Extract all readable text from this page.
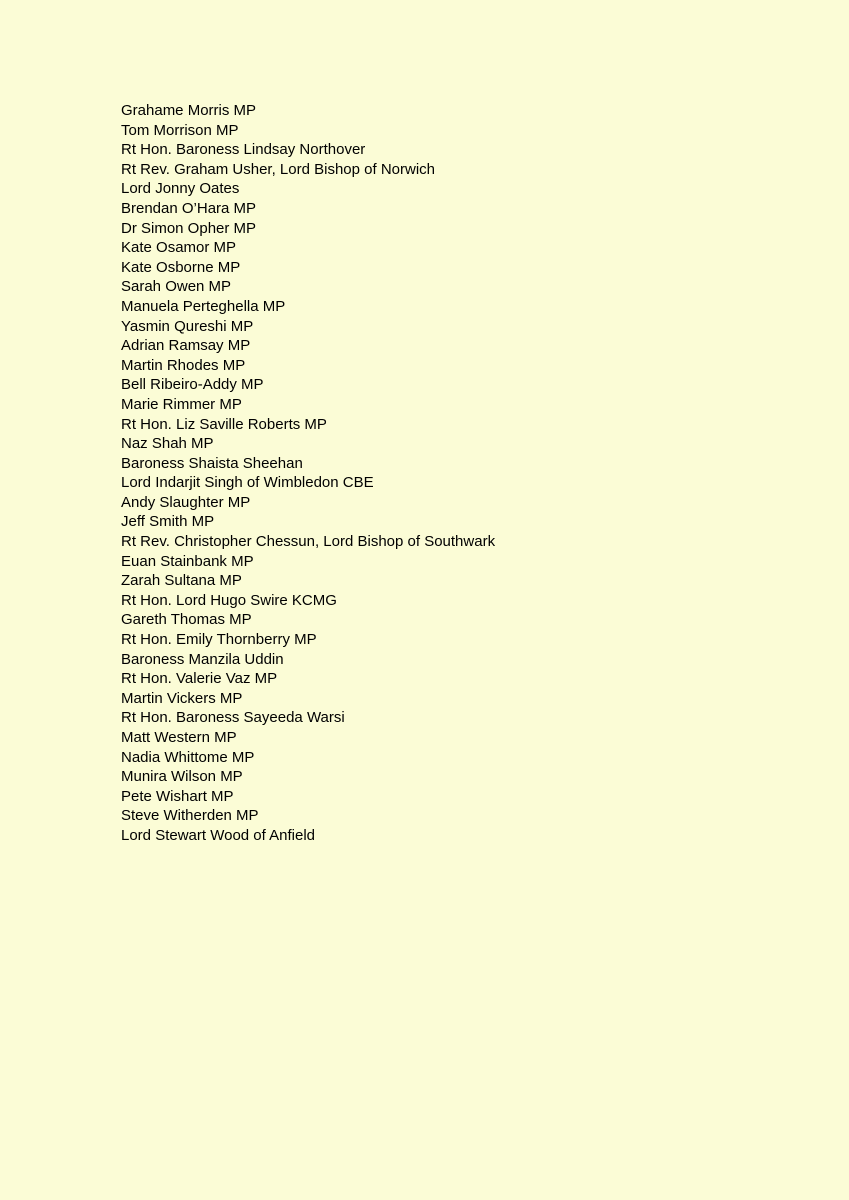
Grahame Morris MP
Tom Morrison MP
Rt Hon. Baroness Lindsay Northover
Rt Rev. Graham Usher, Lord Bishop of Norwich
Lord Jonny Oates
Brendan O’Hara MP
Dr Simon Opher MP
Kate Osamor MP
Kate Osborne MP
Sarah Owen MP
Manuela Perteghella MP
Yasmin Qureshi MP
Adrian Ramsay MP
Martin Rhodes MP
Bell Ribeiro-Addy MP
Marie Rimmer MP
Rt Hon. Liz Saville Roberts MP
Naz Shah MP
Baroness Shaista Sheehan
Lord Indarjit Singh of Wimbledon CBE
Andy Slaughter MP
Jeff Smith MP
Rt Rev. Christopher Chessun, Lord Bishop of Southwark
Euan Stainbank MP
Zarah Sultana MP
Rt Hon. Lord Hugo Swire KCMG
Gareth Thomas MP
Rt Hon. Emily Thornberry MP
Baroness Manzila Uddin
Rt Hon. Valerie Vaz MP
Martin Vickers MP
Rt Hon. Baroness Sayeeda Warsi
Matt Western MP
Nadia Whittome MP
Munira Wilson MP
Pete Wishart MP
Steve Witherden MP
Lord Stewart Wood of Anfield
